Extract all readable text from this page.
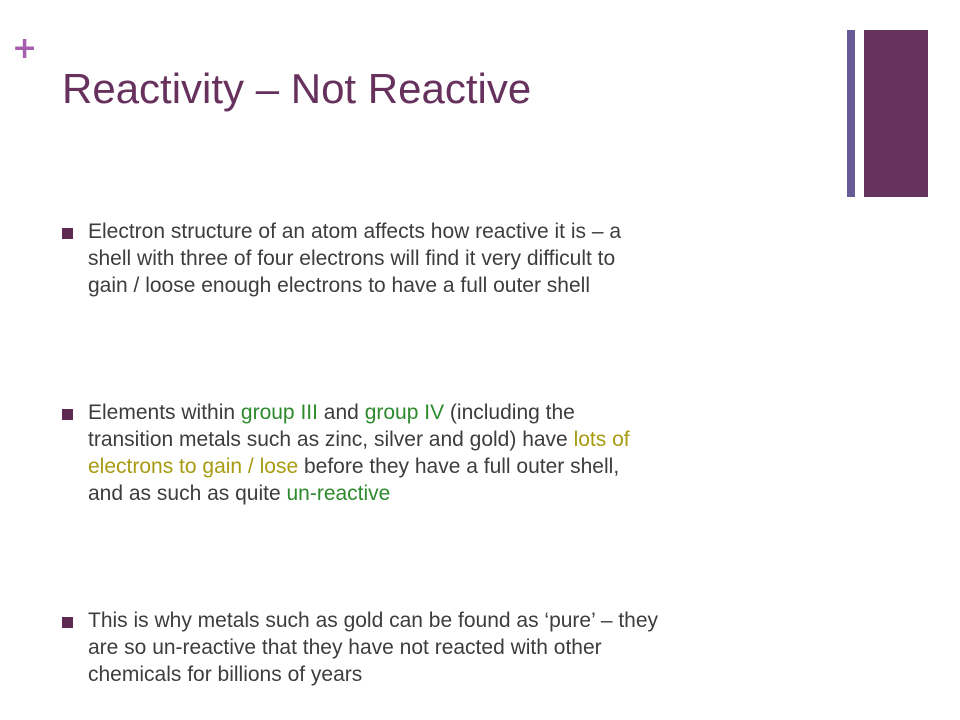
+
Reactivity – Not Reactive
Electron structure of an atom affects how reactive it is – a
shell with three of four electrons will find it very difficult to
gain / loose enough electrons to have a full outer shell
Elements within group III and group IV (including the
transition metals such as zinc, silver and gold) have lots of
electrons to gain / lose before they have a full outer shell,
and as such as quite un-reactive
This is why metals such as gold can be found as ‘pure’ – they
are so un-reactive that they have not reacted with other
chemicals for billions of years
